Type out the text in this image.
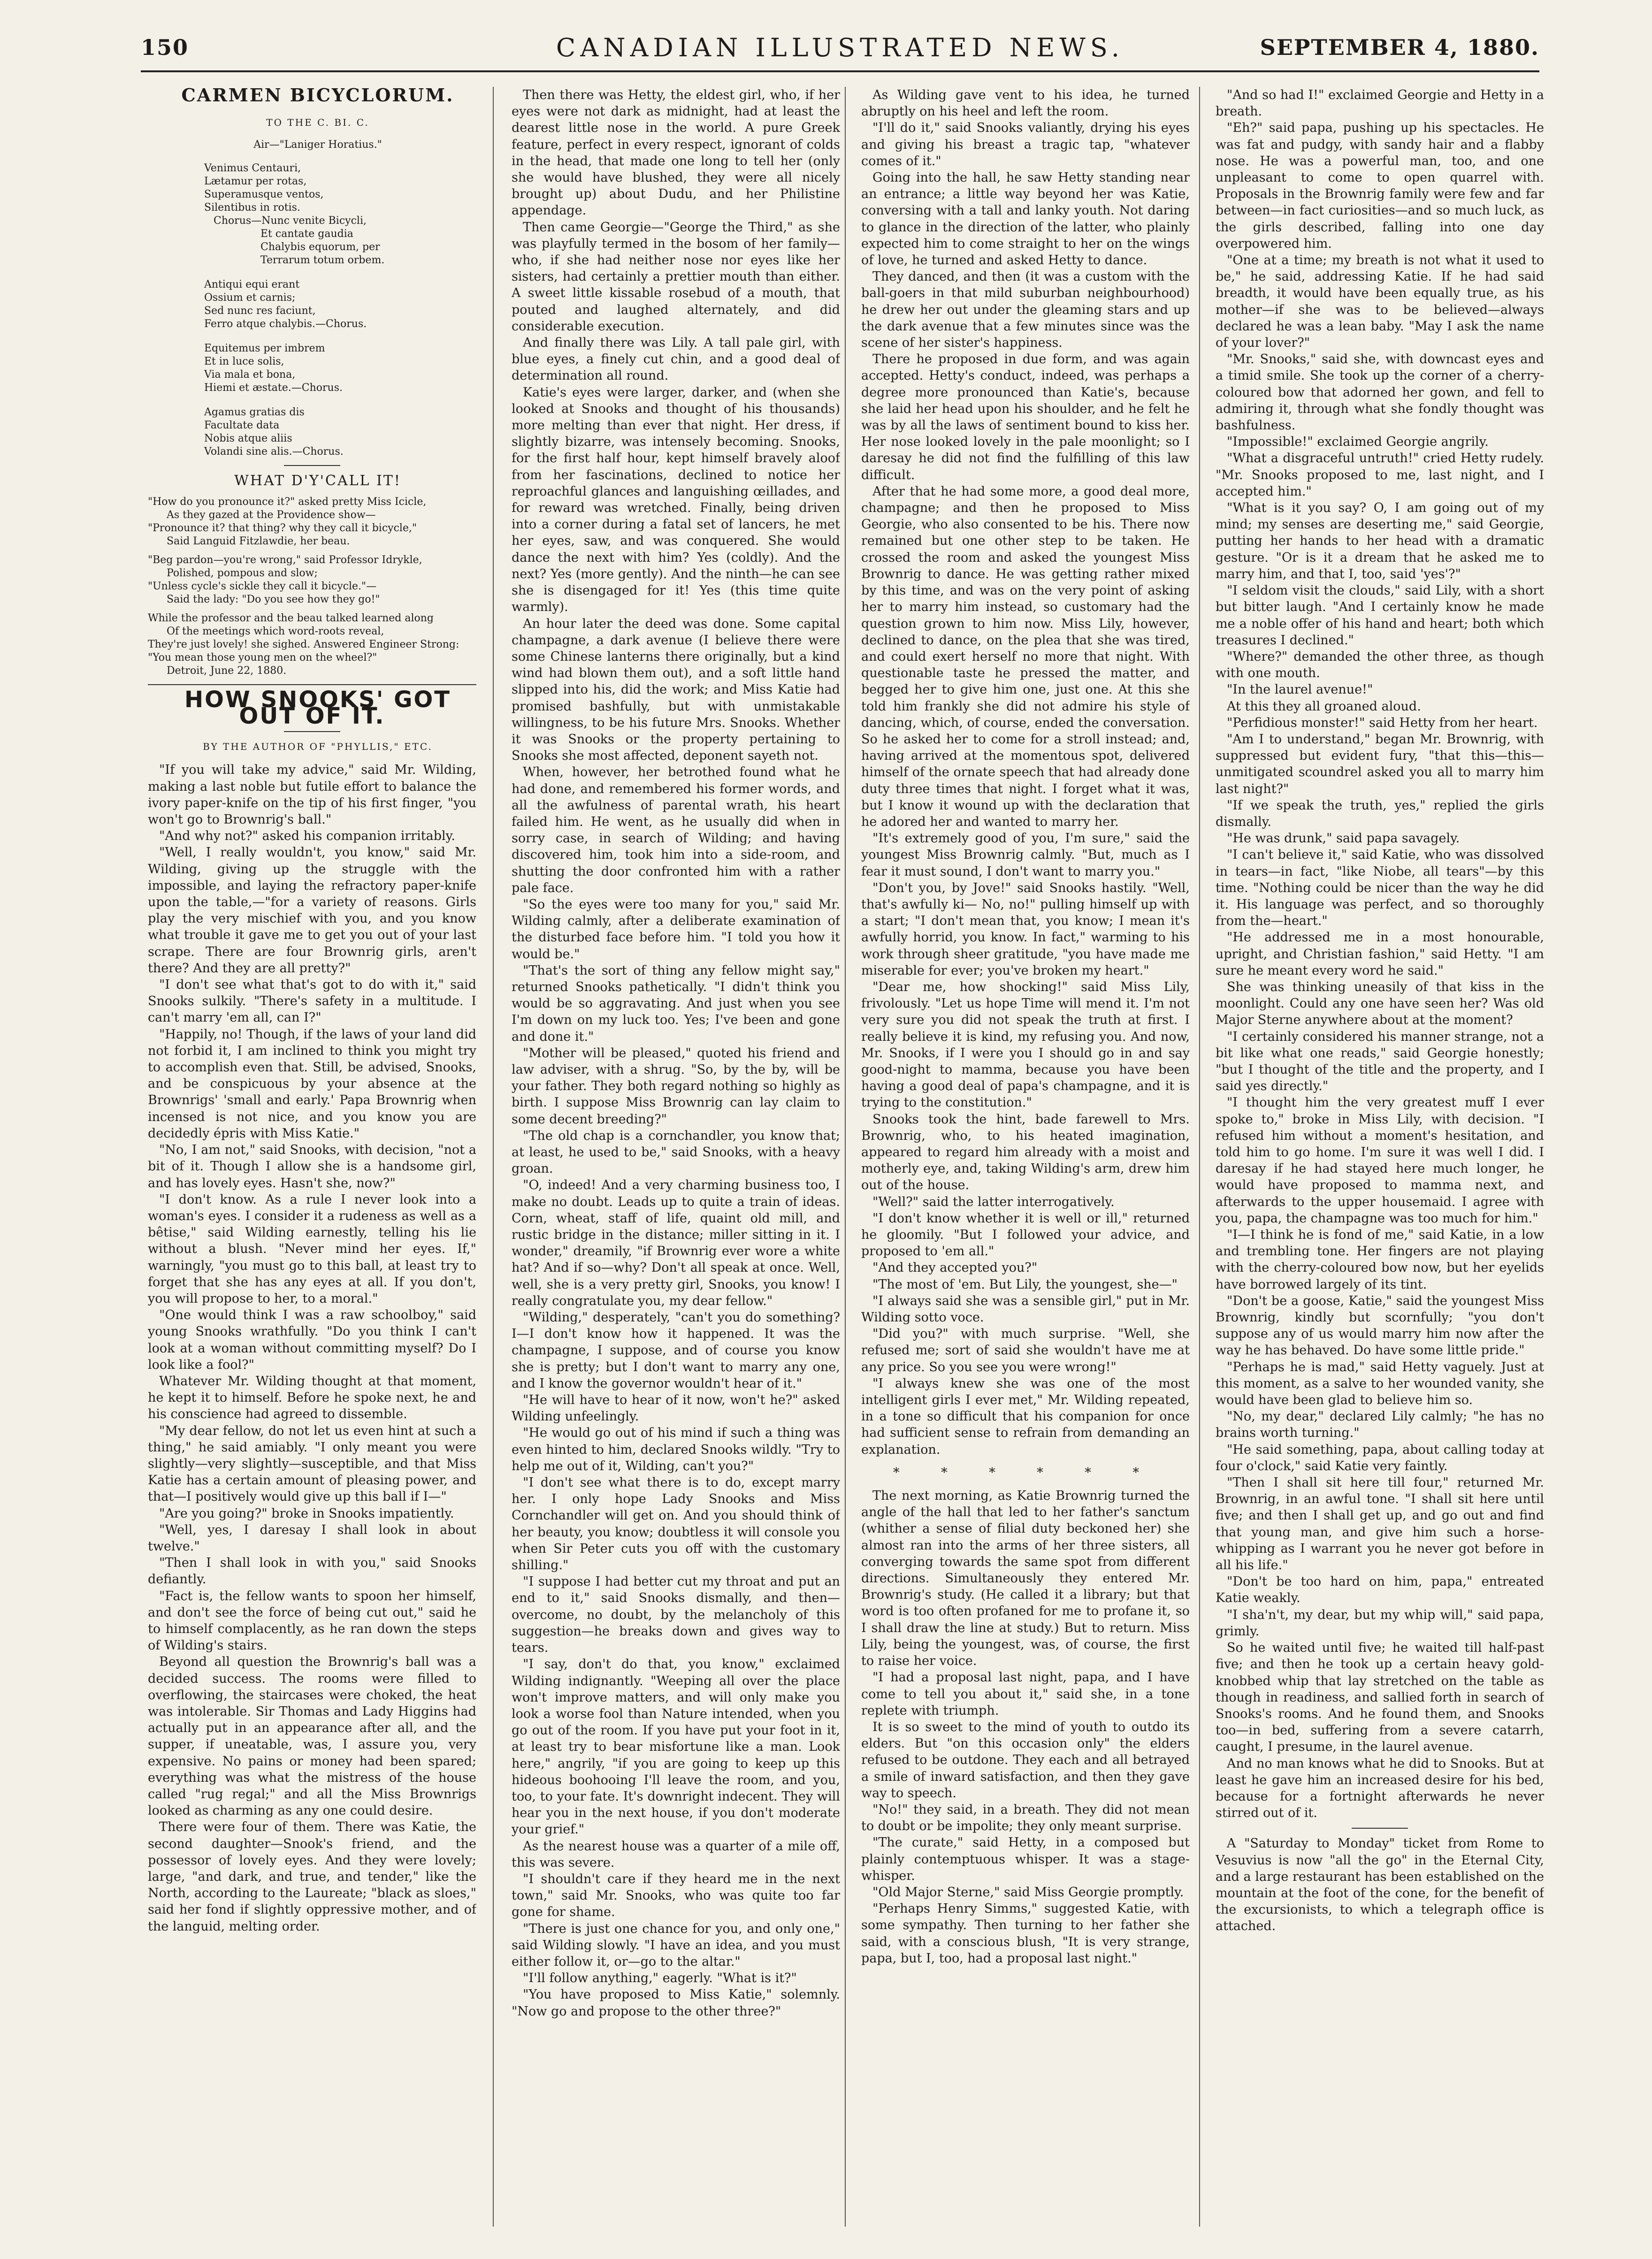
150	CANADIAN ILLUSTRATED NEWS.	SEPTEMBER 4, 1880.

CARMEN BICYCLORUM.

TO THE C. BI. C.

Air—"Laniger Horatius."

Venimus Centauri,
Lætamur per rotas,
Superamusque ventos,
Silentibus in rotis.
Chorus—Nunc venite Bicycli,
Et cantate gaudia
Chalybis equorum, per
Terrarum totum orbem.
Antiqui equi erant
Ossium et carnis;
Sed nunc res faciunt,
Ferro atque chalybis.—Chorus.
Equitemus per imbrem
Et in luce solis,
Via mala et bona,
Hiemi et æstate.—Chorus.
Agamus gratias dis
Facultate data
Nobis atque aliis
Volandi sine alis.—Chorus.

WHAT D'Y'CALL IT!

"How do you pronounce it?" asked pretty Miss Icicle,
As they gazed at the Providence show—
"Pronounce it? that thing? why they call it bicycle,"
Said Languid Fitzlawdie, her beau.
"Beg pardon—you're wrong," said Professor Idrykle,
Polished, pompous and slow;
"Unless cycle's sickle they call it bicycle."—
Said the lady: "Do you see how they go!"
While the professor and the beau talked learned along
Of the meetings which word-roots reveal,
They're just lovely! she sighed. Answered Engineer Strong:
"You mean those young men on the wheel?"
Detroit, June 22, 1880.

HOW SNOOKS' GOT OUT OF IT.

BY THE AUTHOR OF "PHYLLIS," ETC.

"If you will take my advice," said Mr. Wilding, making a last noble but futile effort to balance the ivory paper-knife on the tip of his first finger, "you won't go to Brownrig's ball."

"And why not?" asked his companion irritably.

"Well, I really wouldn't, you know," said Mr. Wilding, giving up the struggle with the impossible, and laying the refractory paper-knife upon the table,—"for a variety of reasons. Girls play the very mischief with you, and you know what trouble it gave me to get you out of your last scrape. There are four Brownrig girls, aren't there? And they are all pretty?"

"I don't see what that's got to do with it," said Snooks sulkily. "There's safety in a multitude. I can't marry 'em all, can I?"

"Happily, no! Though, if the laws of your land did not forbid it, I am inclined to think you might try to accomplish even that. Still, be advised, Snooks, and be conspicuous by your absence at the Brownrigs' 'small and early.' Papa Brownrig when incensed is not nice, and you know you are decidedly épris with Miss Katie."

"No, I am not," said Snooks, with decision, "not a bit of it. Though I allow she is a handsome girl, and has lovely eyes. Hasn't she, now?"

"I don't know. As a rule I never look into a woman's eyes. I consider it a rudeness as well as a bêtise," said Wilding earnestly, telling his lie without a blush. "Never mind her eyes. If," warningly, "you must go to this ball, at least try to forget that she has any eyes at all. If you don't, you will propose to her, to a moral."

"One would think I was a raw schoolboy," said young Snooks wrathfully. "Do you think I can't look at a woman without committing myself? Do I look like a fool?"

Whatever Mr. Wilding thought at that moment, he kept it to himself. Before he spoke next, he and his conscience had agreed to dissemble.

"My dear fellow, do not let us even hint at such a thing," he said amiably. "I only meant you were slightly—very slightly—susceptible, and that Miss Katie has a certain amount of pleasing power, and that—I positively would give up this ball if I—"

"Are you going?" broke in Snooks impatiently.

"Well, yes, I daresay I shall look in about twelve."

"Then I shall look in with you," said Snooks defiantly.

"Fact is, the fellow wants to spoon her himself, and don't see the force of being cut out," said he to himself complacently, as he ran down the steps of Wilding's stairs.

Beyond all question the Brownrig's ball was a decided success. The rooms were filled to overflowing, the staircases were choked, the heat was intolerable. Sir Thomas and Lady Higgins had actually put in an appearance after all, and the supper, if uneatable, was, I assure you, very expensive. No pains or money had been spared; everything was what the mistress of the house called "rug regal;" and all the Miss Brownrigs looked as charming as any one could desire.

There were four of them. There was Katie, the second daughter—Snook's friend, and the possessor of lovely eyes. And they were lovely; large, "and dark, and true, and tender," like the North, according to the Laureate; "black as sloes," said her fond if slightly oppressive mother, and of the languid, melting order.

Then there was Hetty, the eldest girl, who, if her eyes were not dark as midnight, had at least the dearest little nose in the world. A pure Greek feature, perfect in every respect, ignorant of colds in the head, that made one long to tell her (only she would have blushed, they were all nicely brought up) about Dudu, and her Philistine appendage.

Then came Georgie—"George the Third," as she was playfully termed in the bosom of her family—who, if she had neither nose nor eyes like her sisters, had certainly a prettier mouth than either. A sweet little kissable rosebud of a mouth, that pouted and laughed alternately, and did considerable execution.

And finally there was Lily. A tall pale girl, with blue eyes, a finely cut chin, and a good deal of determination all round.

Katie's eyes were larger, darker, and (when she looked at Snooks and thought of his thousands) more melting than ever that night. Her dress, if slightly bizarre, was intensely becoming. Snooks, for the first half hour, kept himself bravely aloof from her fascinations, declined to notice her reproachful glances and languishing œillades, and for reward was wretched. Finally, being driven into a corner during a fatal set of lancers, he met her eyes, saw, and was conquered. She would dance the next with him? Yes (coldly). And the next? Yes (more gently). And the ninth—he can see she is disengaged for it! Yes (this time quite warmly).

An hour later the deed was done. Some capital champagne, a dark avenue (I believe there were some Chinese lanterns there originally, but a kind wind had blown them out), and a soft little hand slipped into his, did the work; and Miss Katie had promised bashfully, but with unmistakable willingness, to be his future Mrs. Snooks. Whether it was Snooks or the property pertaining to Snooks she most affected, deponent sayeth not.

When, however, her betrothed found what he had done, and remembered his former words, and all the awfulness of parental wrath, his heart failed him. He went, as he usually did when in sorry case, in search of Wilding; and having discovered him, took him into a side-room, and shutting the door confronted him with a rather pale face.

"So the eyes were too many for you," said Mr. Wilding calmly, after a deliberate examination of the disturbed face before him. "I told you how it would be."

"That's the sort of thing any fellow might say," returned Snooks pathetically. "I didn't think you would be so aggravating. And just when you see I'm down on my luck too. Yes; I've been and gone and done it."

"Mother will be pleased," quoted his friend and law adviser, with a shrug. "So, by the by, will be your father. They both regard nothing so highly as birth. I suppose Miss Brownrig can lay claim to some decent breeding?"

"The old chap is a cornchandler, you know that; at least, he used to be," said Snooks, with a heavy groan.

"O, indeed! And a very charming business too, I make no doubt. Leads up to quite a train of ideas. Corn, wheat, staff of life, quaint old mill, and rustic bridge in the distance; miller sitting in it. I wonder," dreamily, "if Brownrig ever wore a white hat? And if so—why? Don't all speak at once. Well, well, she is a very pretty girl, Snooks, you know! I really congratulate you, my dear fellow."

"Wilding," desperately, "can't you do something? I—I don't know how it happened. It was the champagne, I suppose, and of course you know she is pretty; but I don't want to marry any one, and I know the governor wouldn't hear of it."

"He will have to hear of it now, won't he?" asked Wilding unfeelingly.

"He would go out of his mind if such a thing was even hinted to him, declared Snooks wildly. "Try to help me out of it, Wilding, can't you?"

"I don't see what there is to do, except marry her. I only hope Lady Snooks and Miss Cornchandler will get on. And you should think of her beauty, you know; doubtless it will console you when Sir Peter cuts you off with the customary shilling."

"I suppose I had better cut my throat and put an end to it," said Snooks dismally, and then—overcome, no doubt, by the melancholy of this suggestion—he breaks down and gives way to tears.

"I say, don't do that, you know," exclaimed Wilding indignantly. "Weeping all over the place won't improve matters, and will only make you look a worse fool than Nature intended, when you go out of the room. If you have put your foot in it, at least try to bear misfortune like a man. Look here," angrily, "if you are going to keep up this hideous boohooing I'll leave the room, and you, too, to your fate. It's downright indecent. They will hear you in the next house, if you don't moderate your grief."

As the nearest house was a quarter of a mile off, this was severe.

"I shouldn't care if they heard me in the next town," said Mr. Snooks, who was quite too far gone for shame.

"There is just one chance for you, and only one," said Wilding slowly. "I have an idea, and you must either follow it, or—go to the altar."

"I'll follow anything," eagerly. "What is it?"

"You have proposed to Miss Katie," solemnly. "Now go and propose to the other three?"

As Wilding gave vent to his idea, he turned abruptly on his heel and left the room.

"I'll do it," said Snooks valiantly, drying his eyes and giving his breast a tragic tap, "whatever comes of it."

Going into the hall, he saw Hetty standing near an entrance; a little way beyond her was Katie, conversing with a tall and lanky youth. Not daring to glance in the direction of the latter, who plainly expected him to come straight to her on the wings of love, he turned and asked Hetty to dance.

They danced, and then (it was a custom with the ball-goers in that mild suburban neighbourhood) he drew her out under the gleaming stars and up the dark avenue that a few minutes since was the scene of her sister's happiness.

There he proposed in due form, and was again accepted. Hetty's conduct, indeed, was perhaps a degree more pronounced than Katie's, because she laid her head upon his shoulder, and he felt he was by all the laws of sentiment bound to kiss her. Her nose looked lovely in the pale moonlight; so I daresay he did not find the fulfilling of this law difficult.

After that he had some more, a good deal more, champagne; and then he proposed to Miss Georgie, who also consented to be his. There now remained but one other step to be taken. He crossed the room and asked the youngest Miss Brownrig to dance. He was getting rather mixed by this time, and was on the very point of asking her to marry him instead, so customary had the question grown to him now. Miss Lily, however, declined to dance, on the plea that she was tired, and could exert herself no more that night. With questionable taste he pressed the matter, and begged her to give him one, just one. At this she told him frankly she did not admire his style of dancing, which, of course, ended the conversation. So he asked her to come for a stroll instead; and, having arrived at the momentous spot, delivered himself of the ornate speech that had already done duty three times that night. I forget what it was, but I know it wound up with the declaration that he adored her and wanted to marry her.

"It's extremely good of you, I'm sure," said the youngest Miss Brownrig calmly. "But, much as I fear it must sound, I don't want to marry you."

"Don't you, by Jove!" said Snooks hastily. "Well, that's awfully ki— No, no!" pulling himself up with a start; "I don't mean that, you know; I mean it's awfully horrid, you know. In fact," warming to his work through sheer gratitude, "you have made me miserable for ever; you've broken my heart."

"Dear me, how shocking!" said Miss Lily, frivolously. "Let us hope Time will mend it. I'm not very sure you did not speak the truth at first. I really believe it is kind, my refusing you. And now, Mr. Snooks, if I were you I should go in and say good-night to mamma, because you have been having a good deal of papa's champagne, and it is trying to the constitution."

Snooks took the hint, bade farewell to Mrs. Brownrig, who, to his heated imagination, appeared to regard him already with a moist and motherly eye, and, taking Wilding's arm, drew him out of the house.

"Well?" said the latter interrogatively.

"I don't know whether it is well or ill," returned he gloomily. "But I followed your advice, and proposed to 'em all."

"And they accepted you?"

"The most of 'em. But Lily, the youngest, she—"

"I always said she was a sensible girl," put in Mr. Wilding sotto voce.

"Did you?" with much surprise. "Well, she refused me; sort of said she wouldn't have me at any price. So you see you were wrong!"

"I always knew she was one of the most intelligent girls I ever met," Mr. Wilding repeated, in a tone so difficult that his companion for once had sufficient sense to refrain from demanding an explanation.

* * * * * *

The next morning, as Katie Brownrig turned the angle of the hall that led to her father's sanctum (whither a sense of filial duty beckoned her) she almost ran into the arms of her three sisters, all converging towards the same spot from different directions. Simultaneously they entered Mr. Brownrig's study. (He called it a library; but that word is too often profaned for me to profane it, so I shall draw the line at study.) But to return. Miss Lily, being the youngest, was, of course, the first to raise her voice.

"I had a proposal last night, papa, and I have come to tell you about it," said she, in a tone replete with triumph.

It is so sweet to the mind of youth to outdo its elders. But "on this occasion only" the elders refused to be outdone. They each and all betrayed a smile of inward satisfaction, and then they gave way to speech.

"No!" they said, in a breath. They did not mean to doubt or be impolite; they only meant surprise.

"The curate," said Hetty, in a composed but plainly contemptuous whisper. It was a stage-whisper.

"Old Major Sterne," said Miss Georgie promptly.

"Perhaps Henry Simms," suggested Katie, with some sympathy. Then turning to her father she said, with a conscious blush, "It is very strange, papa, but I, too, had a proposal last night."

"And so had I!" exclaimed Georgie and Hetty in a breath.

"Eh?" said papa, pushing up his spectacles. He was fat and pudgy, with sandy hair and a flabby nose. He was a powerful man, too, and one unpleasant to come to open quarrel with. Proposals in the Brownrig family were few and far between—in fact curiosities—and so much luck, as the girls described, falling into one day overpowered him.

"One at a time; my breath is not what it used to be," he said, addressing Katie. If he had said breadth, it would have been equally true, as his mother—if she was to be believed—always declared he was a lean baby. "May I ask the name of your lover?"

"Mr. Snooks," said she, with downcast eyes and a timid smile. She took up the corner of a cherry-coloured bow that adorned her gown, and fell to admiring it, through what she fondly thought was bashfulness.

"Impossible!" exclaimed Georgie angrily.

"What a disgraceful untruth!" cried Hetty rudely. "Mr. Snooks proposed to me, last night, and I accepted him."

"What is it you say? O, I am going out of my mind; my senses are deserting me," said Georgie, putting her hands to her head with a dramatic gesture. "Or is it a dream that he asked me to marry him, and that I, too, said 'yes'?"

"I seldom visit the clouds," said Lily, with a short but bitter laugh. "And I certainly know he made me a noble offer of his hand and heart; both which treasures I declined."

"Where?" demanded the other three, as though with one mouth.

"In the laurel avenue!"

At this they all groaned aloud.

"Perfidious monster!" said Hetty from her heart.

"Am I to understand," began Mr. Brownrig, with suppressed but evident fury, "that this—this—unmitigated scoundrel asked you all to marry him last night?"

"If we speak the truth, yes," replied the girls dismally.

"He was drunk," said papa savagely.

"I can't believe it," said Katie, who was dissolved in tears—in fact, "like Niobe, all tears"—by this time. "Nothing could be nicer than the way he did it. His language was perfect, and so thoroughly from the—heart."

"He addressed me in a most honourable, upright, and Christian fashion," said Hetty. "I am sure he meant every word he said."

She was thinking uneasily of that kiss in the moonlight. Could any one have seen her? Was old Major Sterne anywhere about at the moment?

"I certainly considered his manner strange, not a bit like what one reads," said Georgie honestly; "but I thought of the title and the property, and I said yes directly."

"I thought him the very greatest muff I ever spoke to," broke in Miss Lily, with decision. "I refused him without a moment's hesitation, and told him to go home. I'm sure it was well I did. I daresay if he had stayed here much longer, he would have proposed to mamma next, and afterwards to the upper housemaid. I agree with you, papa, the champagne was too much for him."

"I—I think he is fond of me," said Katie, in a low and trembling tone. Her fingers are not playing with the cherry-coloured bow now, but her eyelids have borrowed largely of its tint.

"Don't be a goose, Katie," said the youngest Miss Brownrig, kindly but scornfully; "you don't suppose any of us would marry him now after the way he has behaved. Do have some little pride."

"Perhaps he is mad," said Hetty vaguely. Just at this moment, as a salve to her wounded vanity, she would have been glad to believe him so.

"No, my dear," declared Lily calmly; "he has no brains worth turning."

"He said something, papa, about calling today at four o'clock," said Katie very faintly.

"Then I shall sit here till four," returned Mr. Brownrig, in an awful tone. "I shall sit here until five; and then I shall get up, and go out and find that young man, and give him such a horse-whipping as I warrant you he never got before in all his life."

"Don't be too hard on him, papa," entreated Katie weakly.

"I sha'n't, my dear, but my whip will," said papa, grimly.

So he waited until five; he waited till half-past five; and then he took up a certain heavy gold-knobbed whip that lay stretched on the table as though in readiness, and sallied forth in search of Snooks's rooms. And he found them, and Snooks too—in bed, suffering from a severe catarrh, caught, I presume, in the laurel avenue.

And no man knows what he did to Snooks. But at least he gave him an increased desire for his bed, because for a fortnight afterwards he never stirred out of it.

A "Saturday to Monday" ticket from Rome to Vesuvius is now "all the go" in the Eternal City, and a large restaurant has been established on the mountain at the foot of the cone, for the benefit of the excursionists, to which a telegraph office is attached.
